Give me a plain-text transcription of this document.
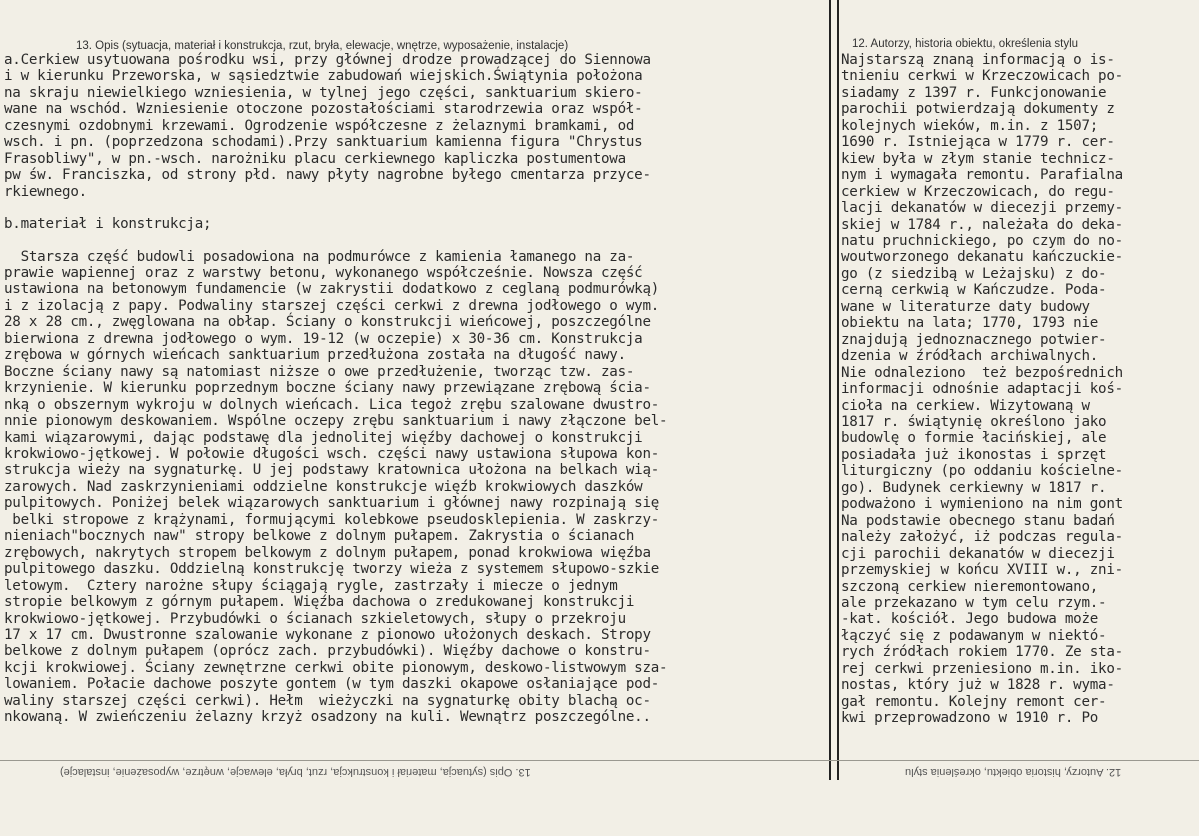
13. Opis (sytuacja, materiał i konstrukcja, rzut, bryła, elewacje, wnętrze, wyposażenie, instalacje)	12. Autorzy, historia obiektu, określenia stylu
a.Cerkiew usytuowana pośrodku wsi, przy głównej drodze prowadzącej do Siennowa
i w kierunku Przeworska, w sąsiedztwie zabudowań wiejskich.Świątynia położona
na skraju niewielkiego wzniesienia, w tylnej jego części, sanktuarium skiero-
wane na wschód. Wzniesienie otoczone pozostałościami starodrzewia oraz współ-
czesnymi ozdobnymi krzewami. Ogrodzenie współczesne z żelaznymi bramkami, od
wsch. i pn. (poprzedzona schodami).Przy sanktuarium kamienna figura "Chrystus
Frasobliwy", w pn.-wsch. narożniku placu cerkiewnego kapliczka postumentowa
pw św. Franciszka, od strony płd. nawy płyty nagrobne byłego cmentarza przyce-
rkiewnego.
b.materiał i konstrukcja;
Starsza część budowli posadowiona na podmurówce z kamienia łamanego na za-
prawie wapiennej oraz z warstwy betonu, wykonanego współcześnie. Nowsza część
ustawiona na betonowym fundamencie (w zakrystii dodatkowo z ceglaną podmurówką)
i z izolacją z papy. Podwaliny starszej części cerkwi z drewna jodłowego o wym.
28 x 28 cm., zwęglowana na obłap. Ściany o konstrukcji wieńcowej, poszczególne
bierwiona z drewna jodłowego o wym. 19-12 (w oczepie) x 30-36 cm. Konstrukcja
zrębowa w górnych wieńcach sanktuarium przedłużona została na długość nawy.
Boczne ściany nawy są natomiast niższe o owe przedłużenie, tworząc tzw. zas-
krzynienie. W kierunku poprzednym boczne ściany nawy przewiązane zrębową ścia-
nką o obszernym wykroju w dolnych wieńcach. Lica tegoż zrębu szalowane dwustro-
nnie pionowym deskowaniem. Wspólne oczepy zrębu sanktuarium i nawy złączone bel-
kami wiązarowymi, dając podstawę dla jednolitej więźby dachowej o konstrukcji
krokwiowo-jętkowej. W połowie długości wsch. części nawy ustawiona słupowa kon-
strukcja wieży na sygnaturkę. U jej podstawy kratownica ułożona na belkach wią-
zarowych. Nad zaskrzynieniami oddzielne konstrukcje więźb krokwiowych daszków
pulpitowych. Poniżej belek wiązarowych sanktuarium i głównej nawy rozpinają się
belki stropowe z krążynami, formującymi kolebkowe pseudosklepienia. W zaskrzy-
nieniach"bocznych naw" stropy belkowe z dolnym pułapem. Zakrystia o ścianach
zrębowych, nakrytych stropem belkowym z dolnym pułapem, ponad krokwiowa więźba
pulpitowego daszku. Oddzielną konstrukcję tworzy wieża z systemem słupowo-szkie
letowym.  Cztery narożne słupy ściągają rygle, zastrzały i miecze o jednym
stropie belkowym z górnym pułapem. Więźba dachowa o zredukowanej konstrukcji
krokwiowo-jętkowej. Przybudówki o ścianach szkieletowych, słupy o przekroju
17 x 17 cm. Dwustronne szalowanie wykonane z pionowo ułożonych deskach. Stropy
belkowe z dolnym pułapem (oprócz zach. przybudówki). Więźby dachowe o konstru-
kcji krokwiowej. Ściany zewnętrzne cerkwi obite pionowym, deskowo-listwowym sza-
lowaniem. Połacie dachowe poszyte gontem (w tym daszki okapowe osłaniające pod-
waliny starszej części cerkwi). Hełm  wieżyczki na sygnaturkę obity blachą oc-
nkowaną. W zwieńczeniu żelazny krzyż osadzony na kuli. Wewnątrz poszczególne..
Najstarszą znaną informacją o is-
tnieniu cerkwi w Krzeczowicach po-
siadamy z 1397 r. Funkcjonowanie
parochii potwierdzają dokumenty z
kolejnych wieków, m.in. z 1507;
1690 r. Istniejąca w 1779 r. cer-
kiew była w złym stanie technicz-
nym i wymagała remontu. Parafialna
cerkiew w Krzeczowicach, do regu-
lacji dekanatów w diecezji przemy-
skiej w 1784 r., należała do deka-
natu pruchnickiego, po czym do no-
woutworzonego dekanatu kańczuckie-
go (z siedzibą w Leżajsku) z do-
cerną cerkwią w Kańczudze. Poda-
wane w literaturze daty budowy
obiektu na lata; 1770, 1793 nie
znajdują jednoznacznego potwier-
dzenia w źródłach archiwalnych.
Nie odnaleziono  też bezpośrednich
informacji odnośnie adaptacji koś-
cioła na cerkiew. Wizytowaną w
1817 r. świątynię określono jako
budowlę o formie łacińskiej, ale
posiadała już ikonostas i sprzęt
liturgiczny (po oddaniu kościelne-
go). Budynek cerkiewny w 1817 r.
podważono i wymieniono na nim gont
Na podstawie obecnego stanu badań
należy założyć, iż podczas regula-
cji parochii dekanatów w diecezji
przemyskiej w końcu XVIII w., zni-
szczoną cerkiew nieremontowano,
ale przekazano w tym celu rzym.-
-kat. kościół. Jego budowa może
łączyć się z podawanym w niektó-
rych źródłach rokiem 1770. Ze sta-
rej cerkwi przeniesiono m.in. iko-
nostas, który już w 1828 r. wyma-
gał remontu. Kolejny remont cer-
kwi przeprowadzono w 1910 r. Po
13. Opis (sytuacja, materiał i konstrukcja, rzut, bryła, elewacje, wnętrze, wyposażenie, instalacje)	12. Autorzy, historia obiektu, określenia stylu
